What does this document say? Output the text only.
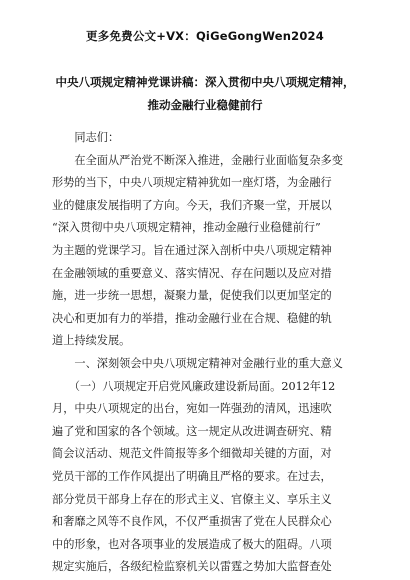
更多免费公文+VX：QiGeGongWen2024
中央八项规定精神党课讲稿：深入贯彻中央八项规定精神，
推动金融行业稳健前行
同志们：
　　在全面从严治党不断深入推进，金融行业面临复杂多变
形势的当下，中央八项规定精神犹如一座灯塔，为金融行
业的健康发展指明了方向。今天，我们齐聚一堂，开展以
“深入贯彻中央八项规定精神，推动金融行业稳健前行”
为主题的党课学习。旨在通过深入剖析中央八项规定精神
在金融领域的重要意义、落实情况、存在问题以及应对措
施，进一步统一思想，凝聚力量，促使我们以更加坚定的
决心和更加有力的举措，推动金融行业在合规、稳健的轨
道上持续发展。
一、深刻领会中央八项规定精神对金融行业的重大意义
　　（一）八项规定开启党风廉政建设新局面。2012年12
月，中央八项规定的出台，宛如一阵强劲的清风，迅速吹
遍了党和国家的各个领域。这一规定从改进调查研究、精
简会议活动、规范文件简报等多个细微却关键的方面，对
党员干部的工作作风提出了明确且严格的要求。在过去，
部分党员干部身上存在的形式主义、官僚主义、享乐主义
和奢靡之风等不良作风，不仅严重损害了党在人民群众心
中的形象，也对各项事业的发展造成了极大的阻碍。八项
规定实施后，各级纪检监察机关以雷霆之势加大监督查处
